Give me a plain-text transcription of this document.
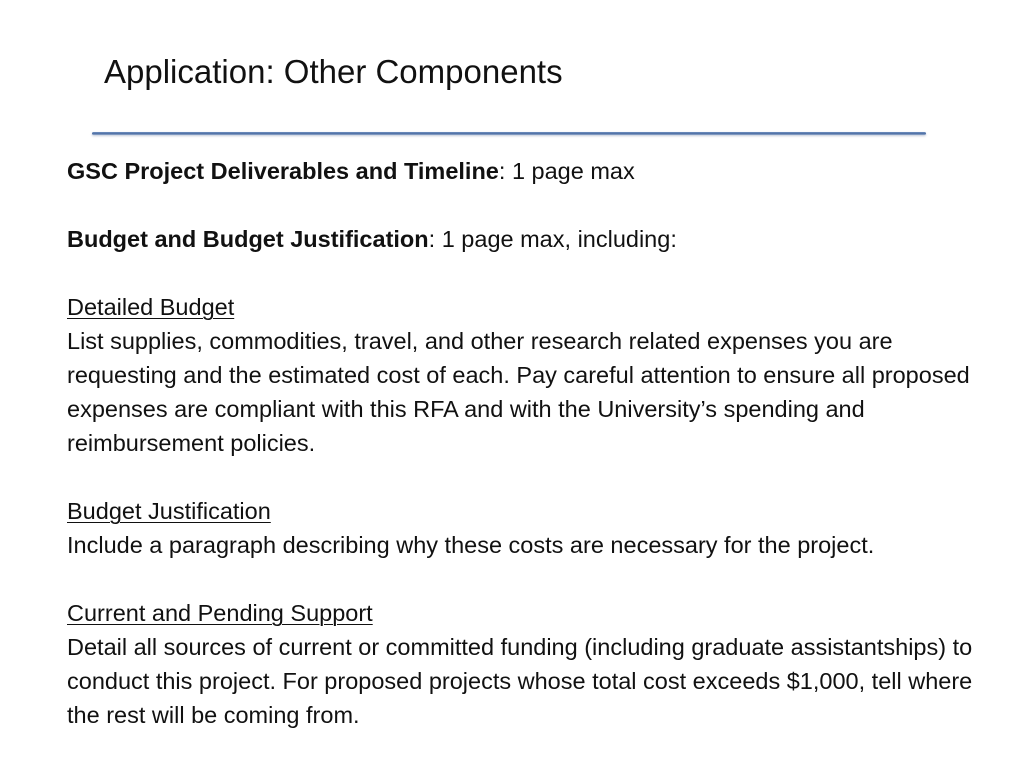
Application: Other Components

GSC Project Deliverables and Timeline: 1 page max

Budget and Budget Justification: 1 page max, including:

Detailed Budget
List supplies, commodities, travel, and other research related expenses you are requesting and the estimated cost of each. Pay careful attention to ensure all proposed expenses are compliant with this RFA and with the University’s spending and reimbursement policies.

Budget Justification
Include a paragraph describing why these costs are necessary for the project.

Current and Pending Support
Detail all sources of current or committed funding (including graduate assistantships) to conduct this project. For proposed projects whose total cost exceeds $1,000, tell where the rest will be coming from.
